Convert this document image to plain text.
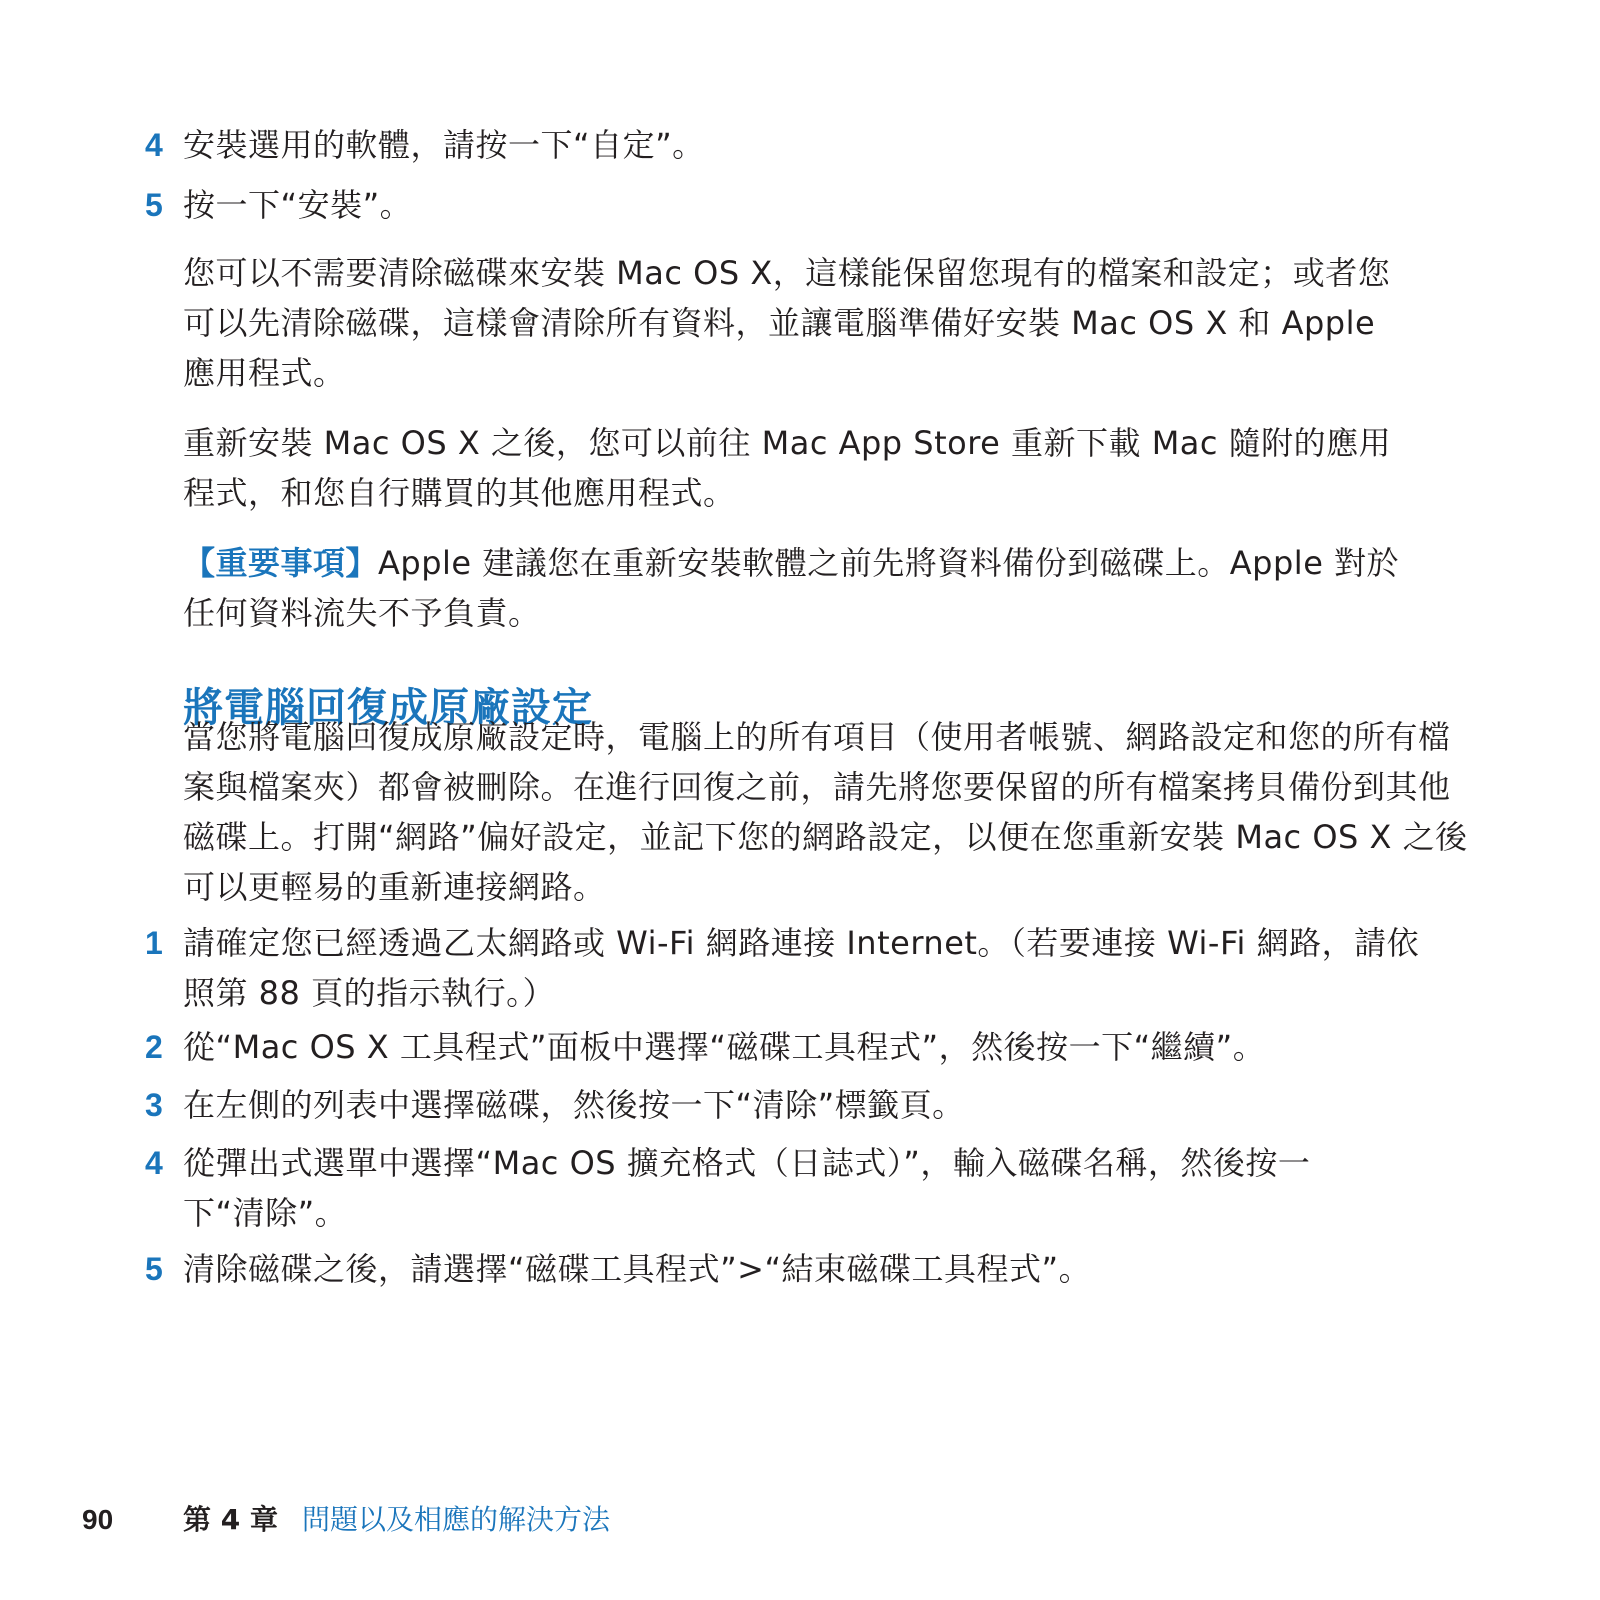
4 安裝選用的軟體，請按一下“自定”。
5 按一下“安裝”。
您可以不需要清除磁碟來安裝 Mac OS X，這樣能保留您現有的檔案和設定；或者您可以先清除磁碟，這樣會清除所有資料，並讓電腦準備好安裝 Mac OS X 和 Apple 應用程式。
重新安裝 Mac OS X 之後，您可以前往 Mac App Store 重新下載 Mac 隨附的應用程式，和您自行購買的其他應用程式。
【重要事項】Apple 建議您在重新安裝軟體之前先將資料備份到磁碟上。Apple 對於任何資料流失不予負責。
將電腦回復成原廠設定
當您將電腦回復成原廠設定時，電腦上的所有項目（使用者帳號、網路設定和您的所有檔案與檔案夾）都會被刪除。在進行回復之前，請先將您要保留的所有檔案拷貝備份到其他磁碟上。打開“網路”偏好設定，並記下您的網路設定，以便在您重新安裝 Mac OS X 之後可以更輕易的重新連接網路。
1 請確定您已經透過乙太網路或 Wi-Fi 網路連接 Internet。（若要連接 Wi-Fi 網路，請依照第 88 頁的指示執行。）
2 從“Mac OS X 工具程式”面板中選擇“磁碟工具程式”，然後按一下“繼續”。
3 在左側的列表中選擇磁碟，然後按一下“清除”標籤頁。
4 從彈出式選單中選擇“Mac OS 擴充格式（日誌式）”，輸入磁碟名稱，然後按一下“清除”。
5 清除磁碟之後，請選擇“磁碟工具程式”>“結束磁碟工具程式”。
90 第 4 章 問題以及相應的解決方法
